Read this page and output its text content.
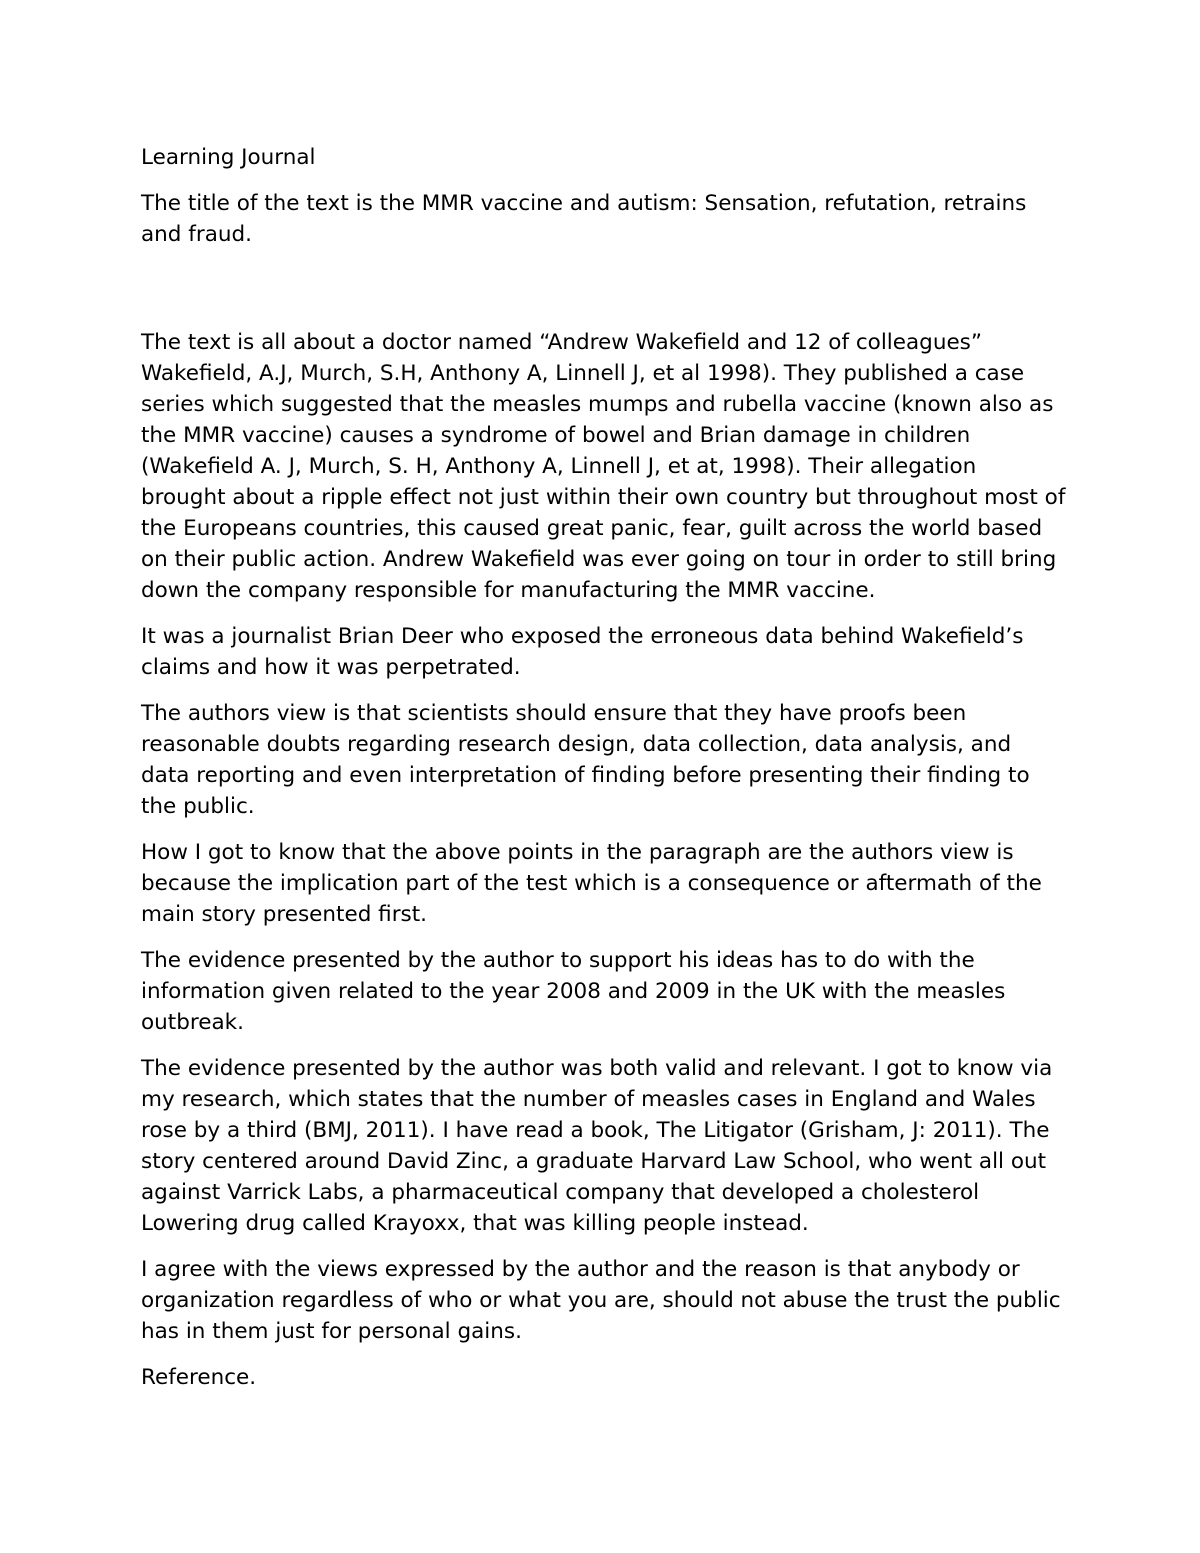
Learning Journal

The title of the text is the MMR vaccine and autism: Sensation, refutation, retrains and fraud.

The text is all about a doctor named “Andrew Wakefield and 12 of colleagues” Wakefield, A.J, Murch, S.H, Anthony A, Linnell J, et al 1998). They published a case series which suggested that the measles mumps and rubella vaccine (known also as the MMR vaccine) causes a syndrome of bowel and Brian damage in children (Wakefield A. J, Murch, S. H, Anthony A, Linnell J, et at, 1998). Their allegation brought about a ripple effect not just within their own country but throughout most of the Europeans countries, this caused great panic, fear, guilt across the world based on their public action. Andrew Wakefield was ever going on tour in order to still bring down the company responsible for manufacturing the MMR vaccine.

It was a journalist Brian Deer who exposed the erroneous data behind Wakefield’s claims and how it was perpetrated.

The authors view is that scientists should ensure that they have proofs been reasonable doubts regarding research design, data collection, data analysis, and data reporting and even interpretation of finding before presenting their finding to the public.

How I got to know that the above points in the paragraph are the authors view is because the implication part of the test which is a consequence or aftermath of the main story presented first.

The evidence presented by the author to support his ideas has to do with the information given related to the year 2008 and 2009 in the UK with the measles outbreak.

The evidence presented by the author was both valid and relevant. I got to know via my research, which states that the number of measles cases in England and Wales rose by a third (BMJ, 2011). I have read a book, The Litigator (Grisham, J: 2011). The story centered around David Zinc, a graduate Harvard Law School, who went all out against Varrick Labs, a pharmaceutical company that developed a cholesterol Lowering drug called Krayoxx, that was killing people instead.

I agree with the views expressed by the author and the reason is that anybody or organization regardless of who or what you are, should not abuse the trust the public has in them just for personal gains.

Reference.
